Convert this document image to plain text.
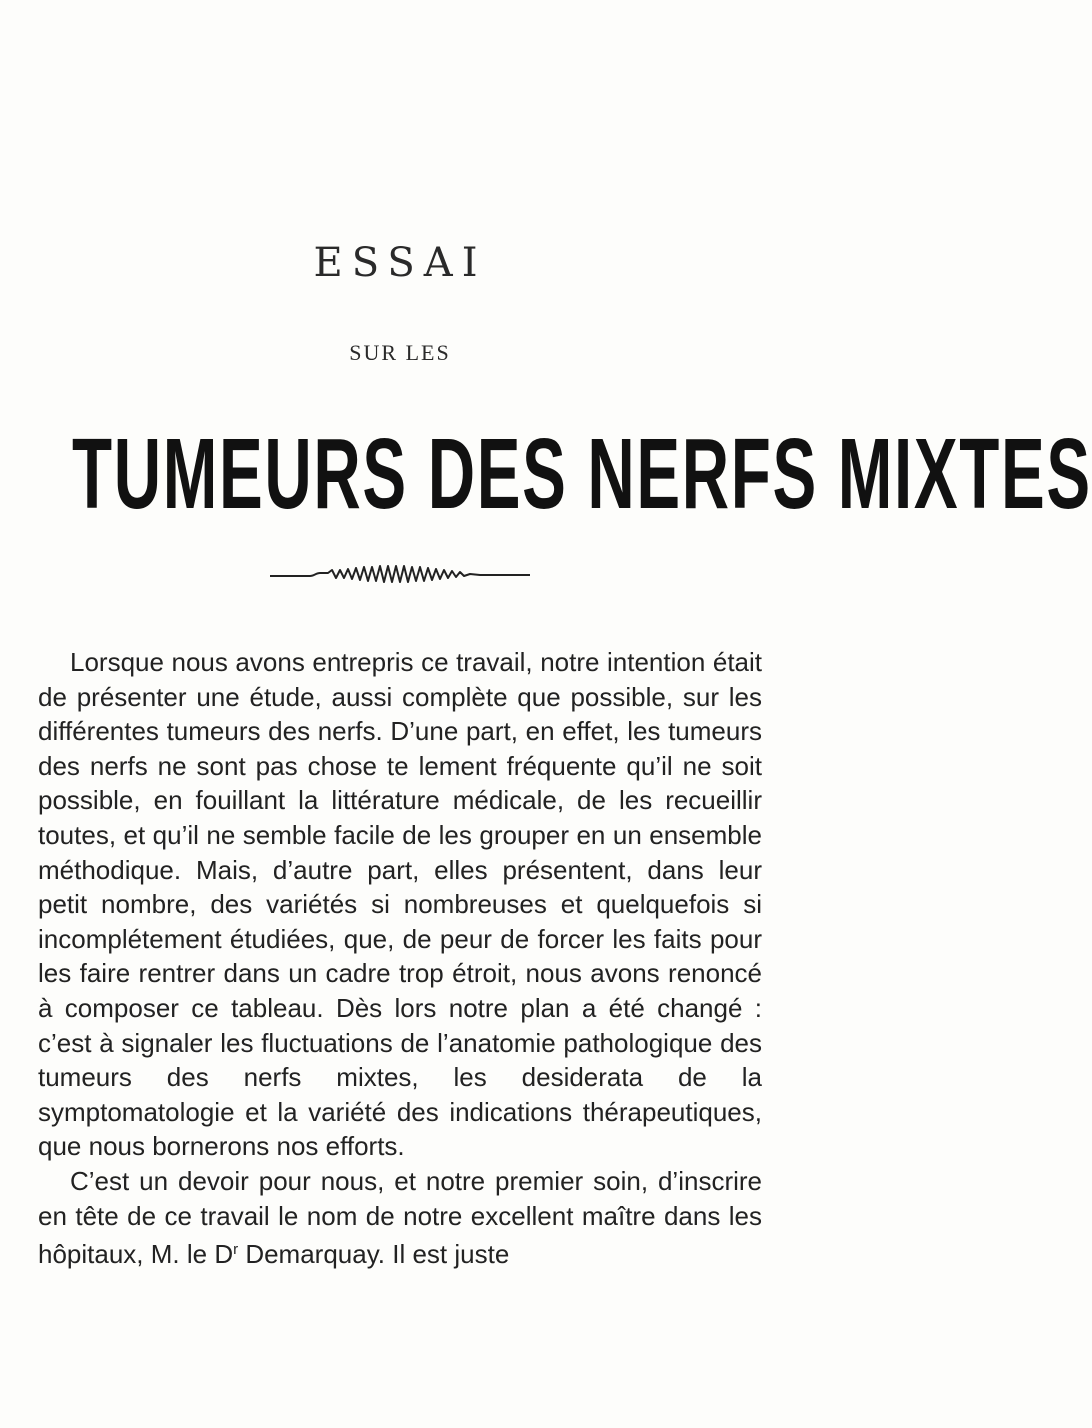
ESSAI
SUR LES
TUMEURS DES NERFS MIXTES

Lorsque nous avons entrepris ce travail, notre intention était de présenter une étude, aussi complète que possible, sur les différentes tumeurs des nerfs. D’une part, en effet, les tumeurs des nerfs ne sont pas chose te lement fréquente qu’il ne soit possible, en fouillant la littérature médicale, de les recueillir toutes, et qu’il ne semble facile de les grouper en un ensemble méthodique. Mais, d’autre part, elles présentent, dans leur petit nombre, des variétés si nombreuses et quelquefois si incomplétement étudiées, que, de peur de forcer les faits pour les faire rentrer dans un cadre trop étroit, nous avons renoncé à composer ce tableau. Dès lors notre plan a été changé : c’est à signaler les fluctuations de l’anatomie pathologique des tumeurs des nerfs mixtes, les desiderata de la symptomatologie et la variété des indications thérapeutiques, que nous bornerons nos efforts.

C’est un devoir pour nous, et notre premier soin, d’inscrire en tête de ce travail le nom de notre excellent maître dans les hôpitaux, M. le $D^r$ Demarquay. Il est juste
